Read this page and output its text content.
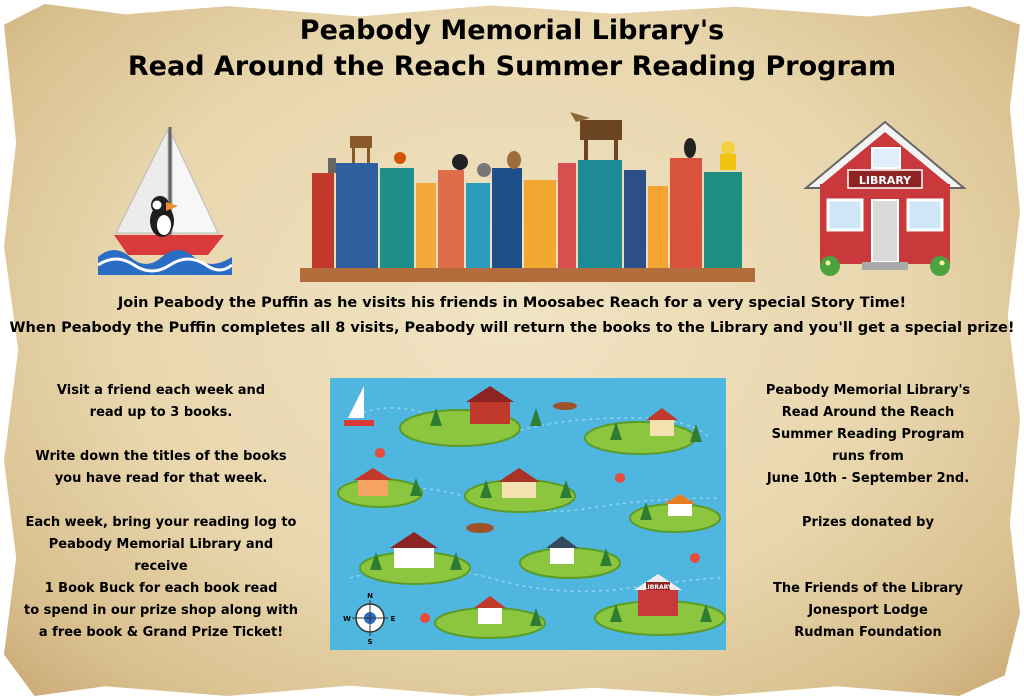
Peabody Memorial Library's
Read Around the Reach Summer Reading Program
LIBRARY
Join Peabody the Puffin as he visits his friends in Moosabec Reach for a very special Story Time!
When Peabody the Puffin completes all 8 visits, Peabody will return the books to the Library and you'll get a special prize!
Visit a friend each week and
read up to 3 books.
Write down the titles of the books
you have read for that week.
Each week, bring your reading log to
Peabody Memorial Library and receive
1 Book Buck for each book read
to spend in our prize shop along with
a free book & Grand Prize Ticket!
LIBRARY
N
S
E
W
Peabody Memorial Library's
Read Around the Reach
Summer Reading Program
runs from
June 10th - September 2nd.
Prizes donated by
The Friends of the Library
Jonesport Lodge
Rudman Foundation
